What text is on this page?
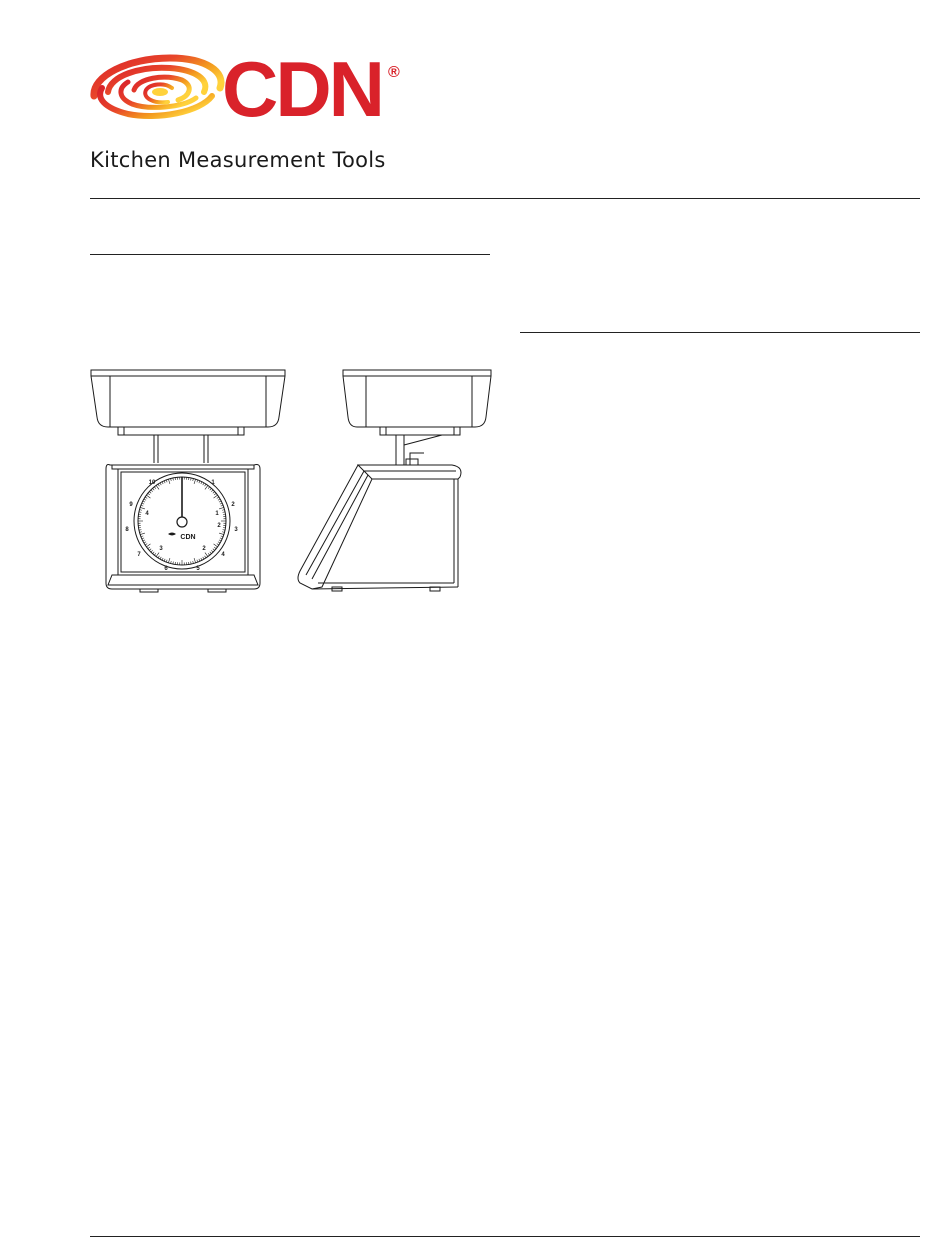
CDN ®
Kitchen Measurement Tools
10	1
2
3
4
5
6
7
8
9
4	1
2
3
2
CDN
